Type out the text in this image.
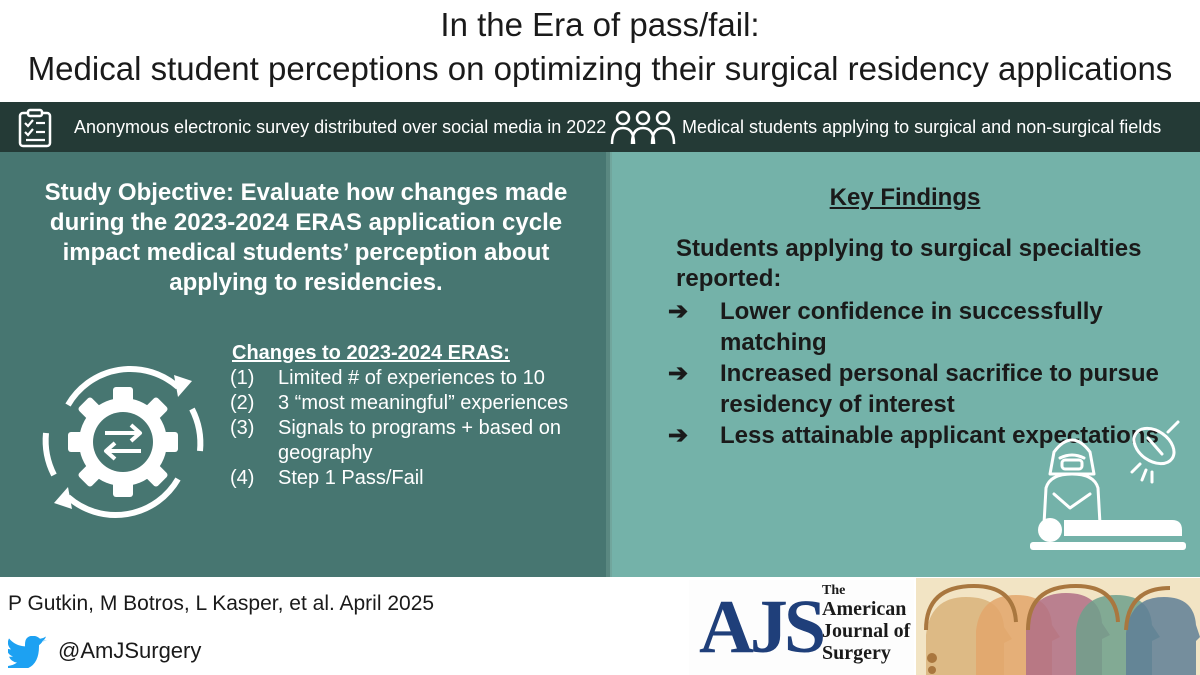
In the Era of pass/fail:
Medical student perceptions on optimizing their surgical residency applications
Anonymous electronic survey distributed over social media in 2022	Medical students applying to surgical and non-surgical fields
Study Objective: Evaluate how changes made during the 2023-2024 ERAS application cycle impact medical students’ perception about applying to residencies.
Changes to 2023-2024 ERAS:
(1) Limited # of experiences to 10
(2) 3 “most meaningful” experiences
(3) Signals to programs + based on geography
(4) Step 1 Pass/Fail
Key Findings
Students applying to surgical specialties reported:
➔ Lower confidence in successfully matching
➔ Increased personal sacrifice to pursue residency of interest
➔ Less attainable applicant expectations
P Gutkin, M Botros, L Kasper, et al. April 2025
@AmJSurgery	AJS The
American
Journal of
Surgery
